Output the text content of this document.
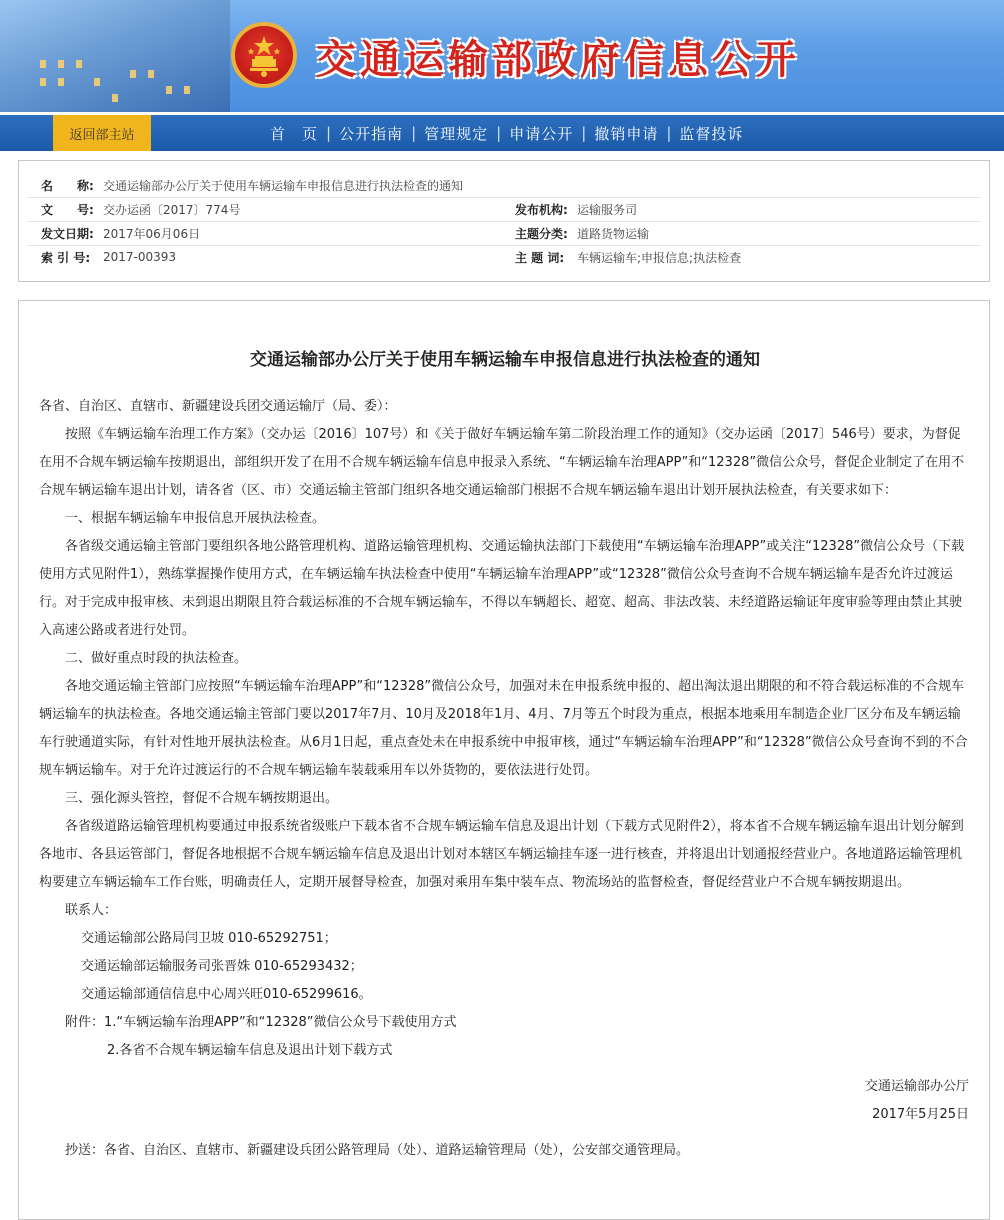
交通运输部政府信息公开
返回部主站	首　页 | 公开指南 | 管理规定 | 申请公开 | 撤销申请 | 监督投诉
名　　称: 交通运输部办公厅关于使用车辆运输车申报信息进行执法检查的通知
文　　号: 交办运函〔2017〕774号	发布机构: 运输服务司
发文日期: 2017年06月06日	主题分类: 道路货物运输
索 引 号:	2017-00393	主 题 词:	车辆运输车;申报信息;执法检查
交通运输部办公厅关于使用车辆运输车申报信息进行执法检查的通知

各省、自治区、直辖市、新疆建设兵团交通运输厅（局、委）：

按照《车辆运输车治理工作方案》（交办运〔2016〕107号）和《关于做好车辆运输车第二阶段治理工作的通知》（交办运函〔2017〕546号）要求，为督促在用不合规车辆运输车按期退出，部组织开发了在用不合规车辆运输车信息申报录入系统、“车辆运输车治理APP”和“12328”微信公众号，督促企业制定了在用不合规车辆运输车退出计划，请各省（区、市）交通运输主管部门组织各地交通运输部门根据不合规车辆运输车退出计划开展执法检查，有关要求如下：

一、根据车辆运输车申报信息开展执法检查。

各省级交通运输主管部门要组织各地公路管理机构、道路运输管理机构、交通运输执法部门下载使用“车辆运输车治理APP”或关注“12328”微信公众号（下载使用方式见附件1），熟练掌握操作使用方式，在车辆运输车执法检查中使用“车辆运输车治理APP”或“12328”微信公众号查询不合规车辆运输车是否允许过渡运行。对于完成申报审核、未到退出期限且符合载运标准的不合规车辆运输车，不得以车辆超长、超宽、超高、非法改装、未经道路运输证年度审验等理由禁止其驶入高速公路或者进行处罚。

二、做好重点时段的执法检查。

各地交通运输主管部门应按照“车辆运输车治理APP”和“12328”微信公众号，加强对未在申报系统申报的、超出淘汰退出期限的和不符合载运标准的不合规车辆运输车的执法检查。各地交通运输主管部门要以2017年7月、10月及2018年1月、4月、7月等五个时段为重点，根据本地乘用车制造企业厂区分布及车辆运输车行驶通道实际，有针对性地开展执法检查。从6月1日起，重点查处未在申报系统中申报审核，通过“车辆运输车治理APP”和“12328”微信公众号查询不到的不合规车辆运输车。对于允许过渡运行的不合规车辆运输车装载乘用车以外货物的，要依法进行处罚。

三、强化源头管控，督促不合规车辆按期退出。

各省级道路运输管理机构要通过申报系统省级账户下载本省不合规车辆运输车信息及退出计划（下载方式见附件2），将本省不合规车辆运输车退出计划分解到各地市、各县运管部门，督促各地根据不合规车辆运输车信息及退出计划对本辖区车辆运输挂车逐一进行核查，并将退出计划通报经营业户。各地道路运输管理机构要建立车辆运输车工作台账，明确责任人，定期开展督导检查，加强对乘用车集中装车点、物流场站的监督检查，督促经营业户不合规车辆按期退出。

联系人：

交通运输部公路局闫卫坡 010-65292751；

交通运输部运输服务司张晋姝 010-65293432；

交通运输部通信信息中心周兴旺010-65299616。

附件：1.“车辆运输车治理APP”和“12328”微信公众号下载使用方式

2.各省不合规车辆运输车信息及退出计划下载方式

交通运输部办公厅

2017年5月25日

抄送：各省、自治区、直辖市、新疆建设兵团公路管理局（处）、道路运输管理局（处），公安部交通管理局。
